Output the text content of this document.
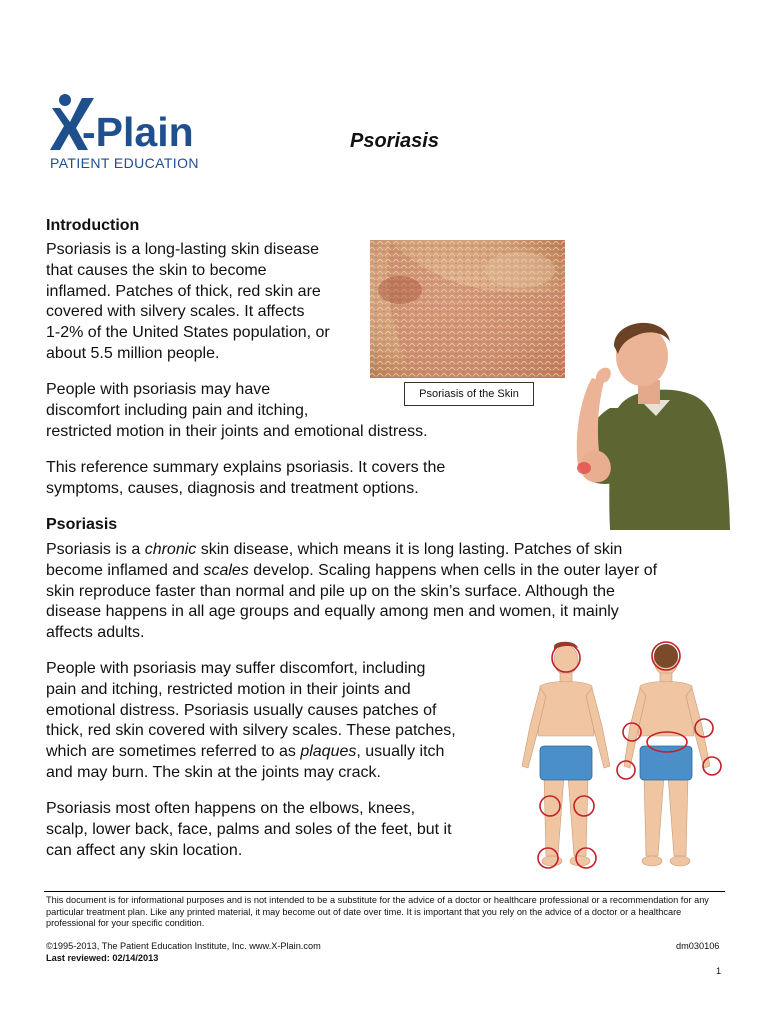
-Plain
PATIENT EDUCATION
Psoriasis
Introduction
Psoriasis is a long-lasting skin disease
that causes the skin to become
inflamed. Patches of thick, red skin are
covered with silvery scales. It affects
1-2% of the United States population, or
about 5.5 million people.
People with psoriasis may have
discomfort including pain and itching,
restricted motion in their joints and emotional distress.
This reference summary explains psoriasis. It covers the
symptoms, causes, diagnosis and treatment options.
Psoriasis of the Skin
Psoriasis
Psoriasis is a chronic skin disease, which means it is long lasting. Patches of skin
become inflamed and scales develop. Scaling happens when cells in the outer layer of
skin reproduce faster than normal and pile up on the skin’s surface. Although the
disease happens in all age groups and equally among men and women, it mainly
affects adults.
People with psoriasis may suffer discomfort, including
pain and itching, restricted motion in their joints and
emotional distress. Psoriasis usually causes patches of
thick, red skin covered with silvery scales. These patches,
which are sometimes referred to as plaques, usually itch
and may burn. The skin at the joints may crack.
Psoriasis most often happens on the elbows, knees,
scalp, lower back, face, palms and soles of the feet, but it
can affect any skin location.
This document is for informational purposes and is not intended to be a substitute for the advice of a doctor or healthcare professional or a recommendation for any particular treatment plan. Like any printed material, it may become out of date over time. It is important that you rely on the advice of a doctor or a healthcare professional for your specific condition.
©1995-2013, The Patient Education Institute, Inc. www.X-Plain.com	dm030106
Last reviewed: 02/14/2013
1
